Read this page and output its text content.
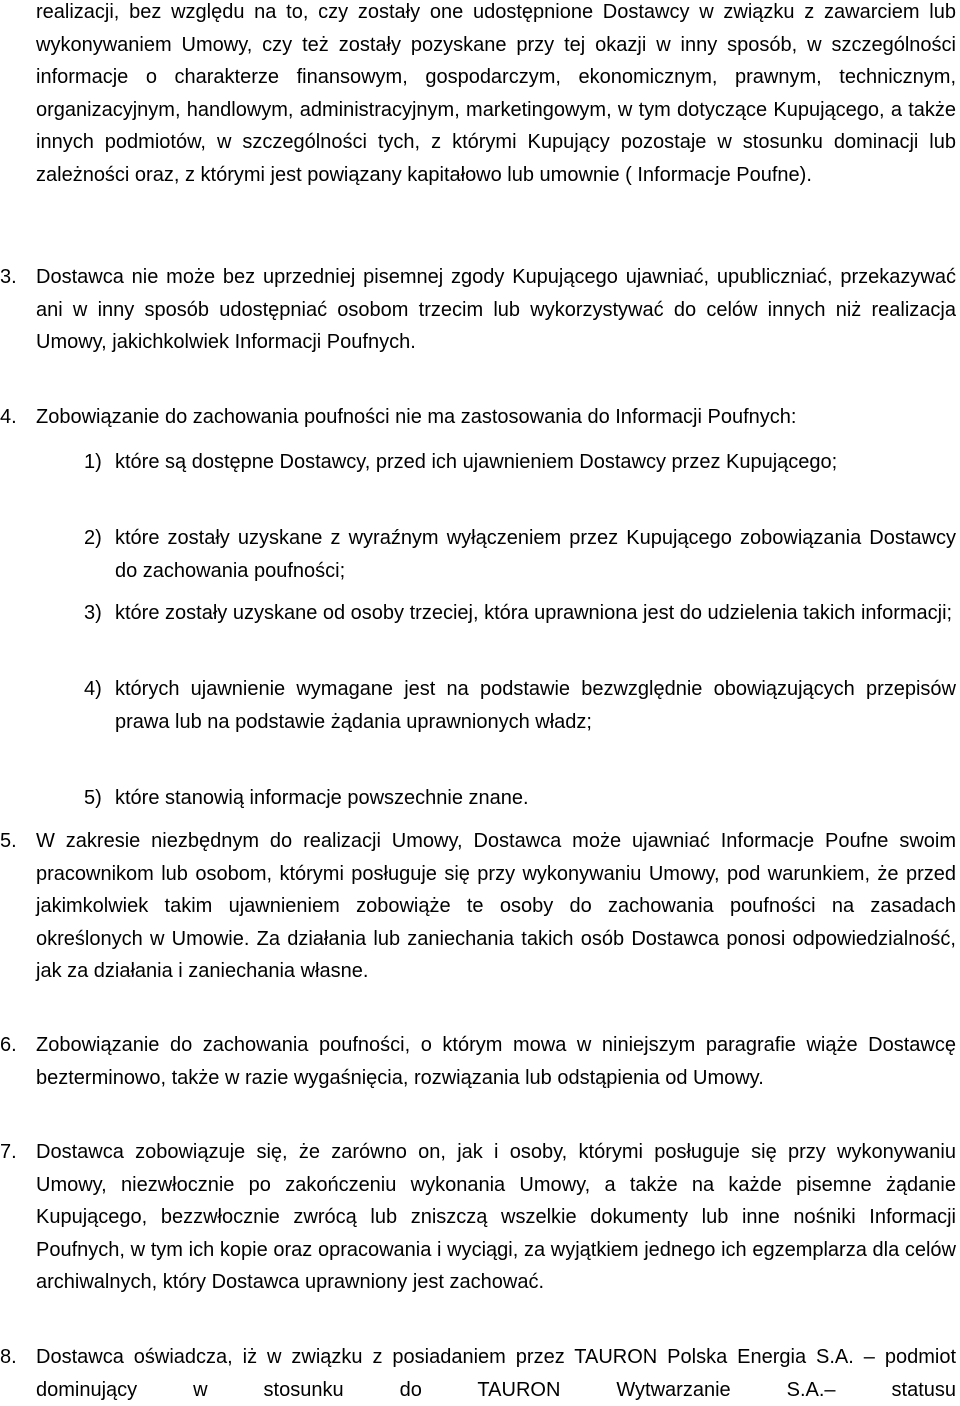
realizacji, bez względu na to, czy zostały one udostępnione Dostawcy w związku z zawarciem lub wykonywaniem Umowy, czy też zostały pozyskane przy tej okazji w inny sposób, w szczególności informacje o charakterze finansowym, gospodarczym, ekonomicznym, prawnym, technicznym, organizacyjnym, handlowym, administracyjnym, marketingowym, w tym dotyczące Kupującego, a także innych podmiotów, w szczególności tych, z którymi Kupujący pozostaje w stosunku dominacji lub zależności oraz, z którymi jest powiązany kapitałowo lub umownie ( Informacje Poufne).

3. Dostawca nie może bez uprzedniej pisemnej zgody Kupującego ujawniać, upubliczniać, przekazywać ani w inny sposób udostępniać osobom trzecim lub wykorzystywać do celów innych niż realizacja Umowy, jakichkolwiek Informacji Poufnych.

4. Zobowiązanie do zachowania poufności nie ma zastosowania do Informacji Poufnych:

1) które są dostępne Dostawcy, przed ich ujawnieniem Dostawcy przez Kupującego;

2) które zostały uzyskane z wyraźnym wyłączeniem przez Kupującego zobowiązania Dostawcy do zachowania poufności;

3) które zostały uzyskane od osoby trzeciej, która uprawniona jest do udzielenia takich informacji;

4) których ujawnienie wymagane jest na podstawie bezwzględnie obowiązujących przepisów prawa lub na podstawie żądania uprawnionych władz;

5) które stanowią informacje powszechnie znane.

5. W zakresie niezbędnym do realizacji Umowy, Dostawca może ujawniać Informacje Poufne swoim pracownikom lub osobom, którymi posługuje się przy wykonywaniu Umowy, pod warunkiem, że przed jakimkolwiek takim ujawnieniem zobowiąże te osoby do zachowania poufności na zasadach określonych w Umowie. Za działania lub zaniechania takich osób Dostawca ponosi odpowiedzialność, jak za działania i zaniechania własne.

6. Zobowiązanie do zachowania poufności, o którym mowa w niniejszym paragrafie wiąże Dostawcę bezterminowo, także w razie wygaśnięcia, rozwiązania lub odstąpienia od Umowy.

7. Dostawca zobowiązuje się, że zarówno on, jak i osoby, którymi posługuje się przy wykonywaniu Umowy, niezwłocznie po zakończeniu wykonania Umowy, a także na każde pisemne żądanie Kupującego, bezzwłocznie zwrócą lub zniszczą wszelkie dokumenty lub inne nośniki Informacji Poufnych, w tym ich kopie oraz opracowania i wyciągi, za wyjątkiem jednego ich egzemplarza dla celów archiwalnych, który Dostawca uprawniony jest zachować.

8. Dostawca oświadcza, iż w związku z posiadaniem przez TAURON Polska Energia S.A. – podmiot dominujący w stosunku do TAURON Wytwarzanie S.A.– statusu
